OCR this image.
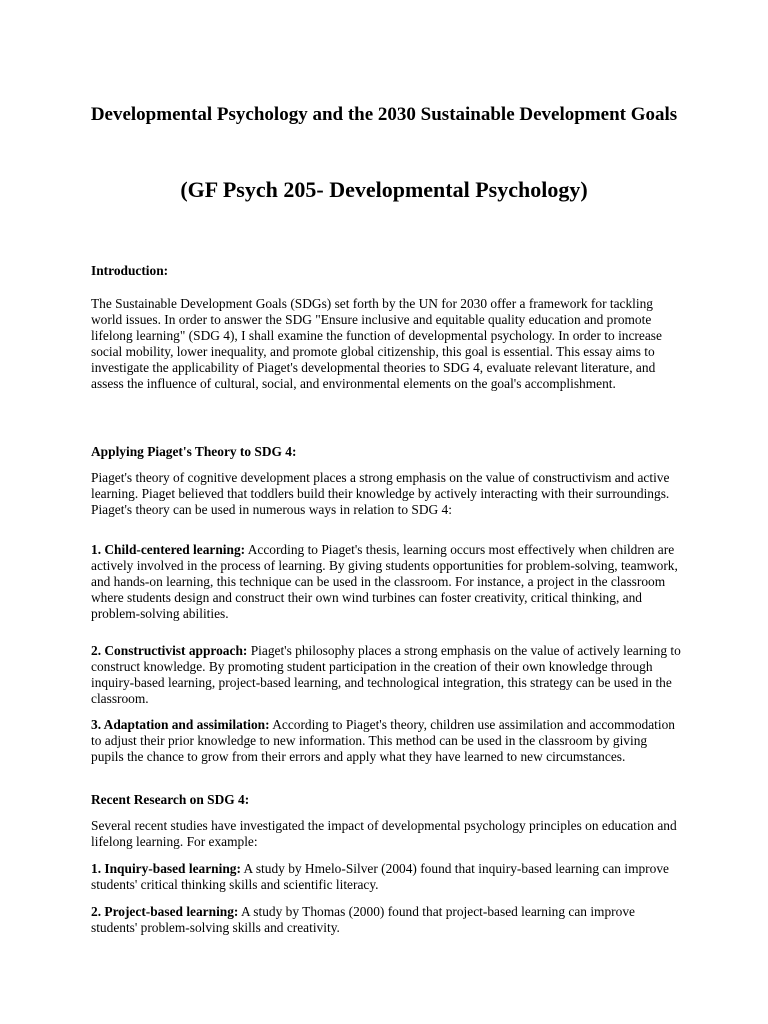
Developmental Psychology and the 2030 Sustainable Development Goals
(GF Psych 205- Developmental Psychology)
Introduction:
The Sustainable Development Goals (SDGs) set forth by the UN for 2030 offer a framework for tackling world issues. In order to answer the SDG "Ensure inclusive and equitable quality education and promote lifelong learning" (SDG 4), I shall examine the function of developmental psychology. In order to increase social mobility, lower inequality, and promote global citizenship, this goal is essential. This essay aims to investigate the applicability of Piaget's developmental theories to SDG 4, evaluate relevant literature, and assess the influence of cultural, social, and environmental elements on the goal's accomplishment.
Applying Piaget's Theory to SDG 4:
Piaget's theory of cognitive development places a strong emphasis on the value of constructivism and active learning. Piaget believed that toddlers build their knowledge by actively interacting with their surroundings. Piaget's theory can be used in numerous ways in relation to SDG 4:
1. Child-centered learning: According to Piaget's thesis, learning occurs most effectively when children are actively involved in the process of learning. By giving students opportunities for problem-solving, teamwork, and hands-on learning, this technique can be used in the classroom. For instance, a project in the classroom where students design and construct their own wind turbines can foster creativity, critical thinking, and problem-solving abilities.
2. Constructivist approach: Piaget's philosophy places a strong emphasis on the value of actively learning to construct knowledge. By promoting student participation in the creation of their own knowledge through inquiry-based learning, project-based learning, and technological integration, this strategy can be used in the classroom.
3. Adaptation and assimilation: According to Piaget's theory, children use assimilation and accommodation to adjust their prior knowledge to new information. This method can be used in the classroom by giving pupils the chance to grow from their errors and apply what they have learned to new circumstances.
Recent Research on SDG 4:
Several recent studies have investigated the impact of developmental psychology principles on education and lifelong learning. For example:
1. Inquiry-based learning: A study by Hmelo-Silver (2004) found that inquiry-based learning can improve students' critical thinking skills and scientific literacy.
2. Project-based learning: A study by Thomas (2000) found that project-based learning can improve students' problem-solving skills and creativity.
